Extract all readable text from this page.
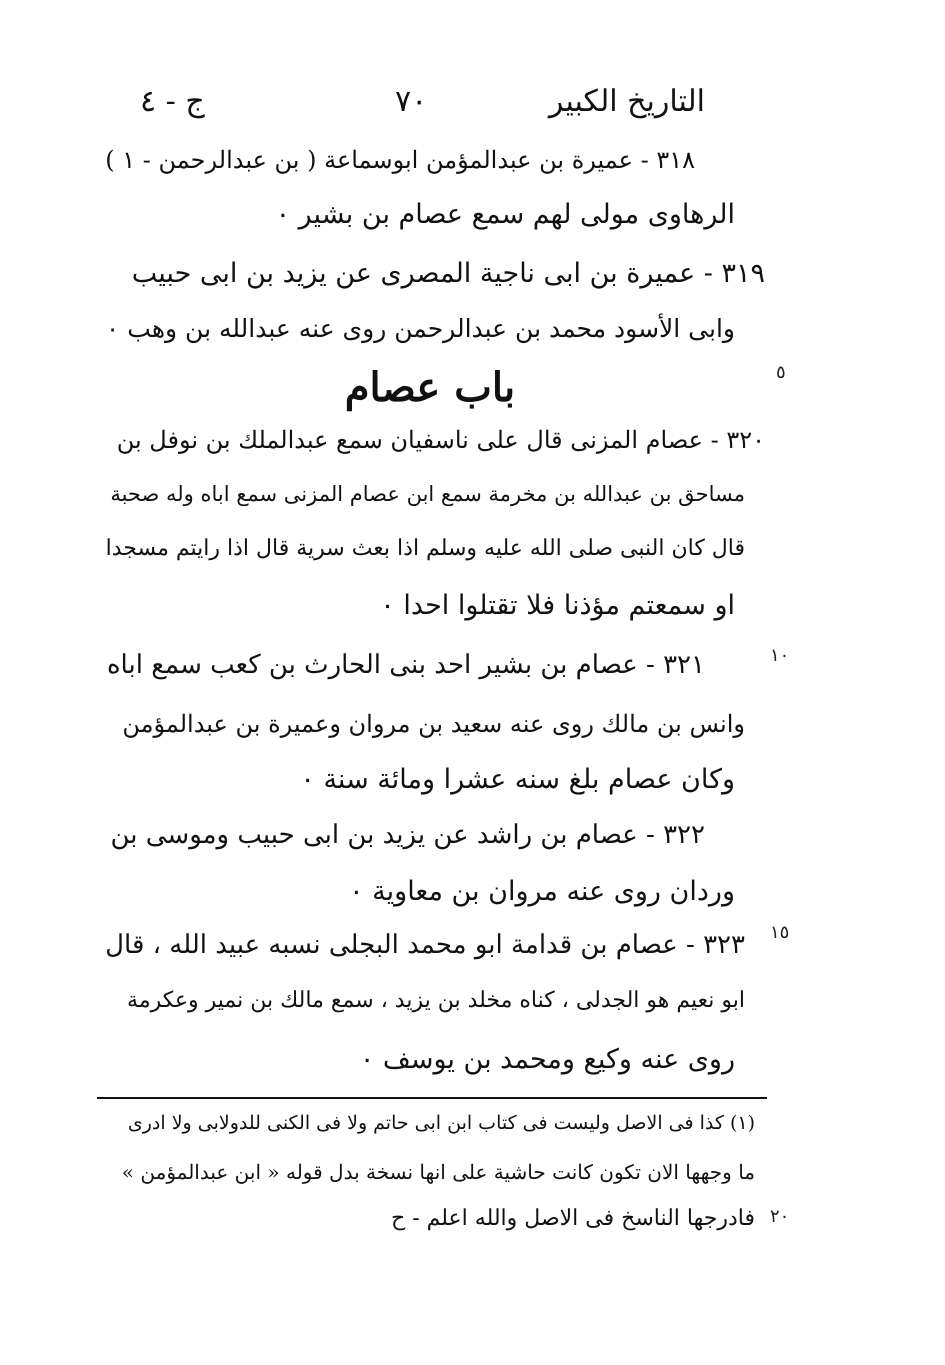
التاريخ الكبير
٧٠
ج - ٤
٣١٨ - عميرة بن عبدالمؤمن ابوسماعة ( بن عبدالرحمن - ١ )
الرهاوى مولى لهم سمع عصام بن بشير ٠
٣١٩ - عميرة بن ابى ناجية المصرى عن يزيد بن ابى حبيب
وابى الأسود محمد بن عبدالرحمن روى عنه عبدالله بن وهب ٠
باب عصام
٣٢٠ - عصام المزنى قال على ناسفيان سمع عبدالملك بن نوفل بن
مساحق بن عبدالله بن مخرمة سمع ابن عصام المزنى سمع اباه وله صحبة
قال كان النبى صلى الله عليه وسلم اذا بعث سرية قال اذا رايتم مسجدا
او سمعتم مؤذنا فلا تقتلوا احدا ٠
٣٢١ - عصام بن بشير احد بنى الحارث بن كعب سمع اباه
وانس بن مالك روى عنه سعيد بن مروان وعميرة بن عبدالمؤمن
وكان عصام بلغ سنه عشرا ومائة سنة ٠
٣٢٢ - عصام بن راشد عن يزيد بن ابى حبيب وموسى بن
وردان روى عنه مروان بن معاوية ٠
٣٢٣ - عصام بن قدامة ابو محمد البجلى نسبه عبيد الله ، قال
ابو نعيم هو الجدلى ، كناه مخلد بن يزيد ، سمع مالك بن نمير وعكرمة
روى عنه وكيع ومحمد بن يوسف ٠
(١) كذا فى الاصل وليست فى كتاب ابن ابى حاتم ولا فى الكنى للدولابى ولا ادرى
ما وجهها الان تكون كانت حاشية على انها نسخة بدل قوله « ابن عبدالمؤمن »
فادرجها الناسخ فى الاصل والله اعلم - ح
٥
١٠
١٥
٢٠
